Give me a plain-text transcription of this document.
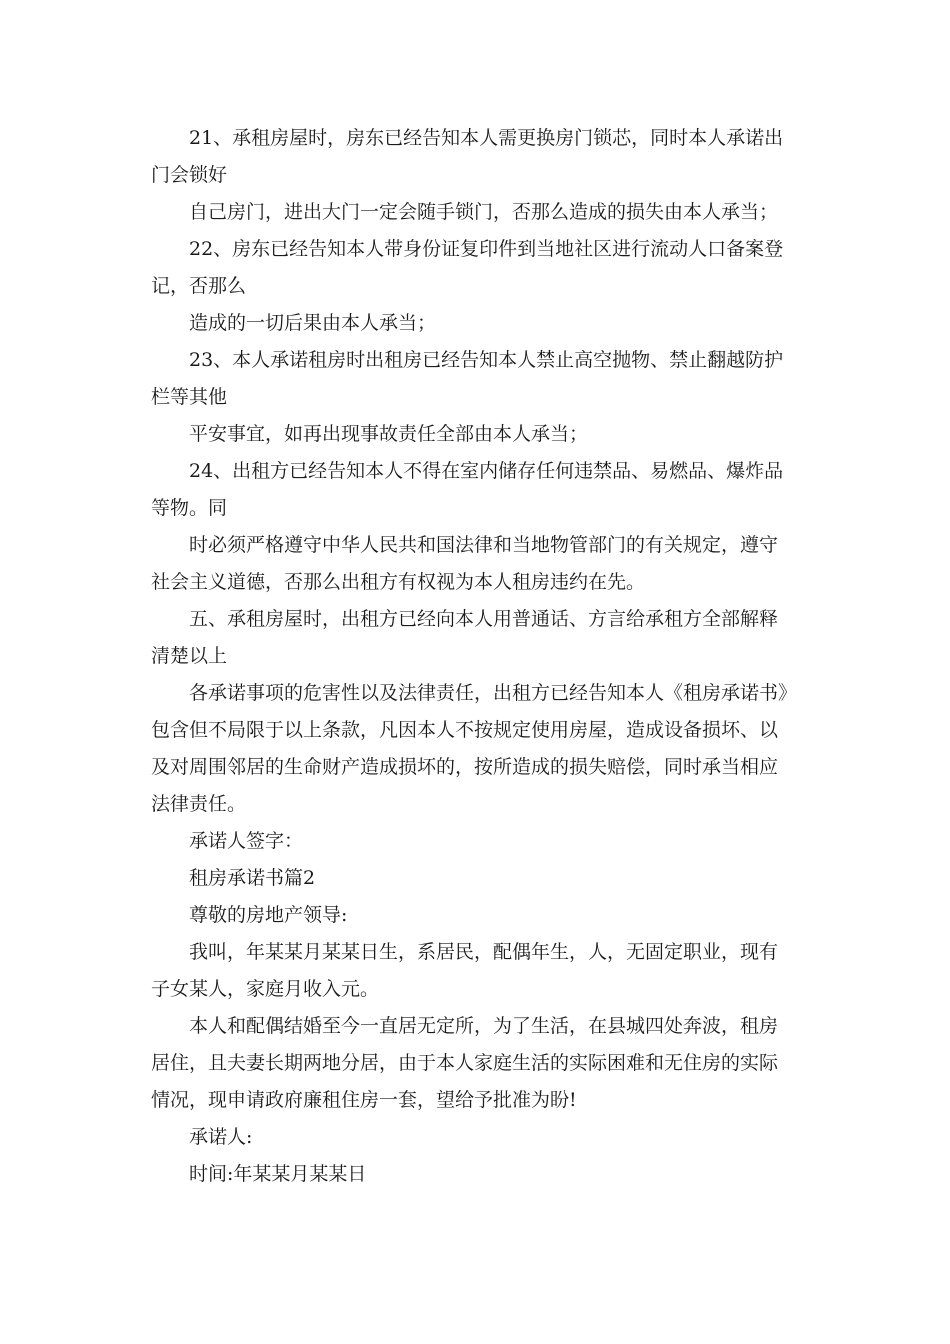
21、承租房屋时，房东已经告知本人需更换房门锁芯，同时本人承诺出门会锁好

自己房门，进出大门一定会随手锁门，否那么造成的损失由本人承当；

22、房东已经告知本人带身份证复印件到当地社区进行流动人口备案登记，否那么

造成的一切后果由本人承当；

23、本人承诺租房时出租房已经告知本人禁止高空抛物、禁止翻越防护栏等其他

平安事宜，如再出现事故责任全部由本人承当；

24、出租方已经告知本人不得在室内储存任何违禁品、易燃品、爆炸品等物。同

时必须严格遵守中华人民共和国法律和当地物管部门的有关规定，遵守社会主义道德，否那么出租方有权视为本人租房违约在先。

五、承租房屋时，出租方已经向本人用普通话、方言给承租方全部解释清楚以上

各承诺事项的危害性以及法律责任，出租方已经告知本人《租房承诺书》包含但不局限于以上条款，凡因本人不按规定使用房屋，造成设备损坏、以及对周围邻居的生命财产造成损坏的，按所造成的损失赔偿，同时承当相应法律责任。

承诺人签字：

租房承诺书篇2

尊敬的房地产领导:

我叫，年某某月某某日生，系居民，配偶年生，人，无固定职业，现有子女某人，家庭月收入元。

本人和配偶结婚至今一直居无定所，为了生活，在县城四处奔波，租房居住，且夫妻长期两地分居，由于本人家庭生活的实际困难和无住房的实际情况，现申请政府廉租住房一套，望给予批准为盼!

承诺人:

时间:年某某月某某日
